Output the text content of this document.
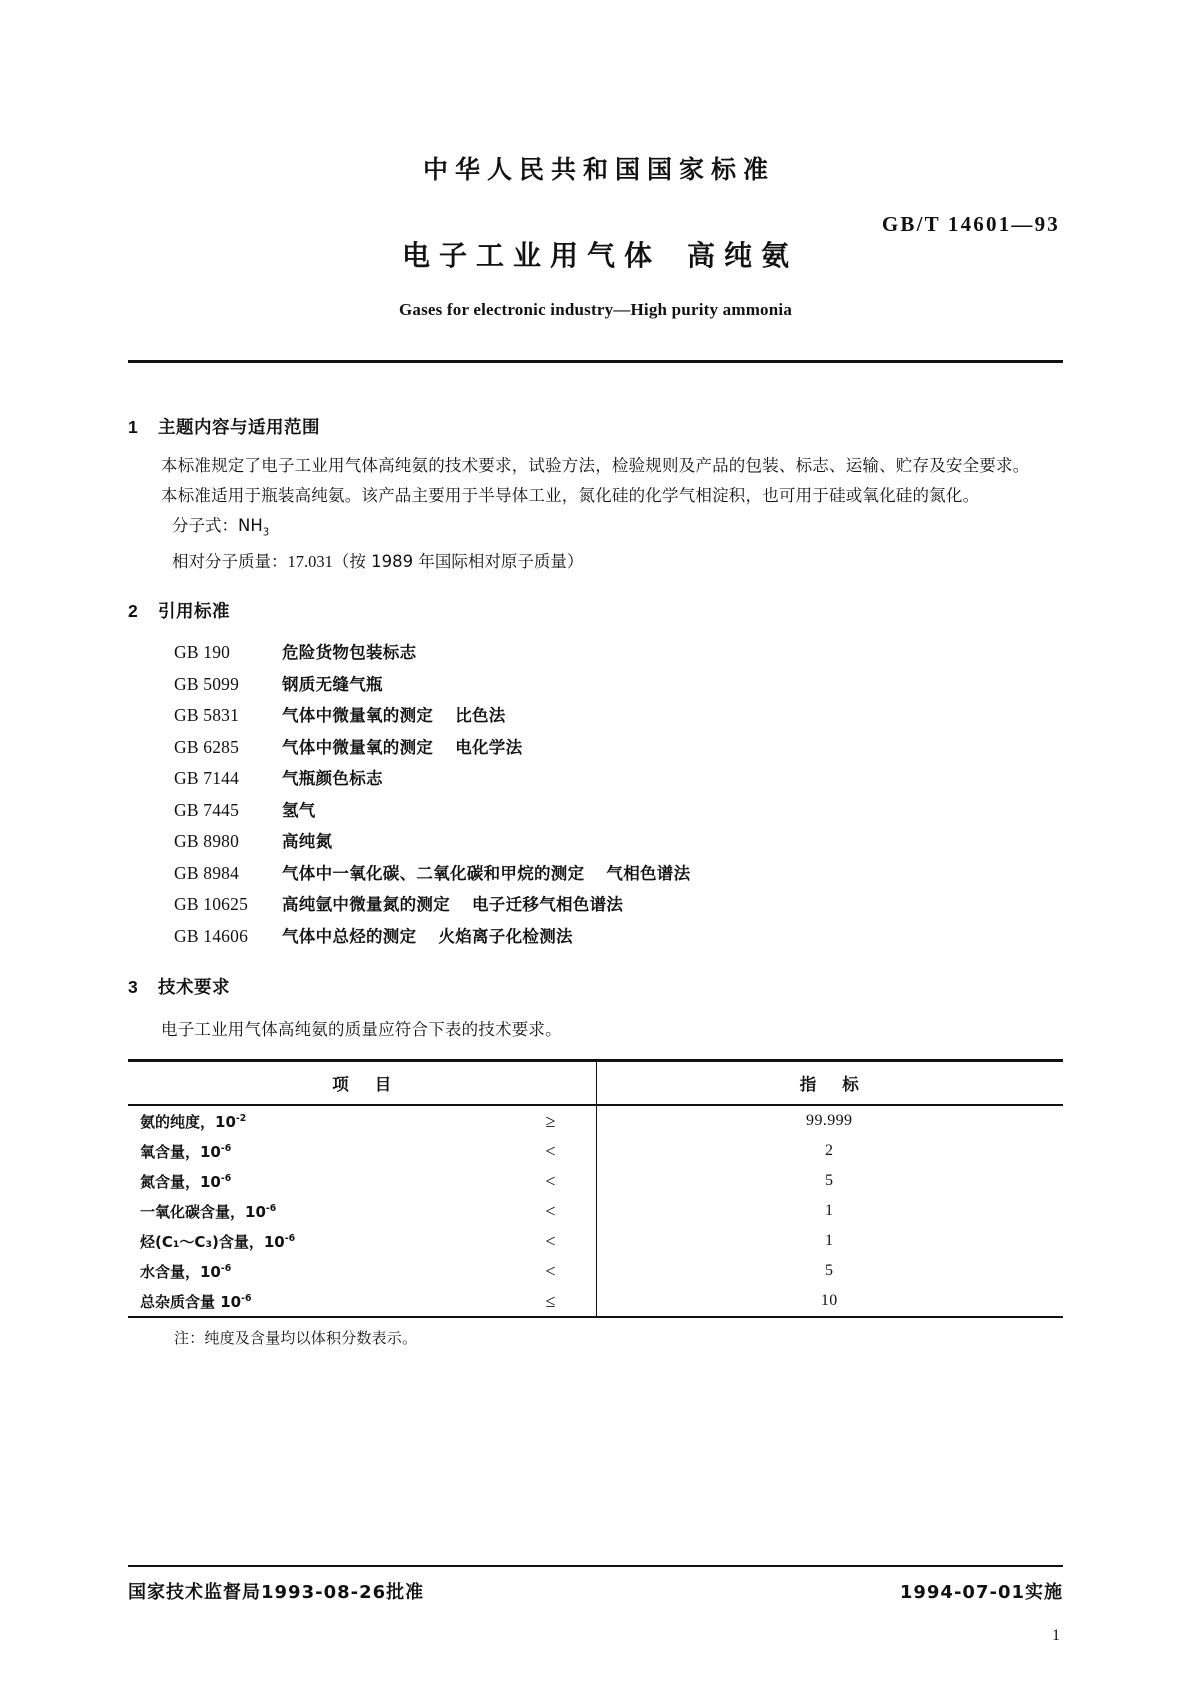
中华人民共和国国家标准
GB/T 14601—93
电子工业用气体 高纯氨
Gases for electronic industry—High purity ammonia
1 主题内容与适用范围
本标准规定了电子工业用气体高纯氨的技术要求，试验方法，检验规则及产品的包装、标志、运输、贮存及安全要求。
本标准适用于瓶装高纯氨。该产品主要用于半导体工业，氮化硅的化学气相淀积，也可用于硅或氧化硅的氮化。
分子式：$NH_3$
相对分子质量：17.031（按 1989 年国际相对原子质量）
2 引用标准
GB 190	危险货物包装标志
GB 5099	钢质无缝气瓶
GB 5831	气体中微量氧的测定 比色法
GB 6285	气体中微量氧的测定 电化学法
GB 7144	气瓶颜色标志
GB 7445	氢气
GB 8980	高纯氮
GB 8984	气体中一氧化碳、二氧化碳和甲烷的测定 气相色谱法
GB 10625	高纯氩中微量氮的测定 电子迁移气相色谱法
GB 14606	气体中总烃的测定 火焰离子化检测法
3 技术要求
电子工业用气体高纯氨的质量应符合下表的技术要求。
项目	指标
氨的纯度，$10^{-2}$	≥	99.999
氧含量，$10^{-6}$	<	2
氮含量，$10^{-6}$	<	5
一氧化碳含量，$10^{-6}$	<	1
烃(C₁～C₃)含量，$10^{-6}$	<	1
水含量，$10^{-6}$	<	5
总杂质含量 $10^{-6}$	≤	10
注：纯度及含量均以体积分数表示。
国家技术监督局1993-08-26批准	1994-07-01实施
1
